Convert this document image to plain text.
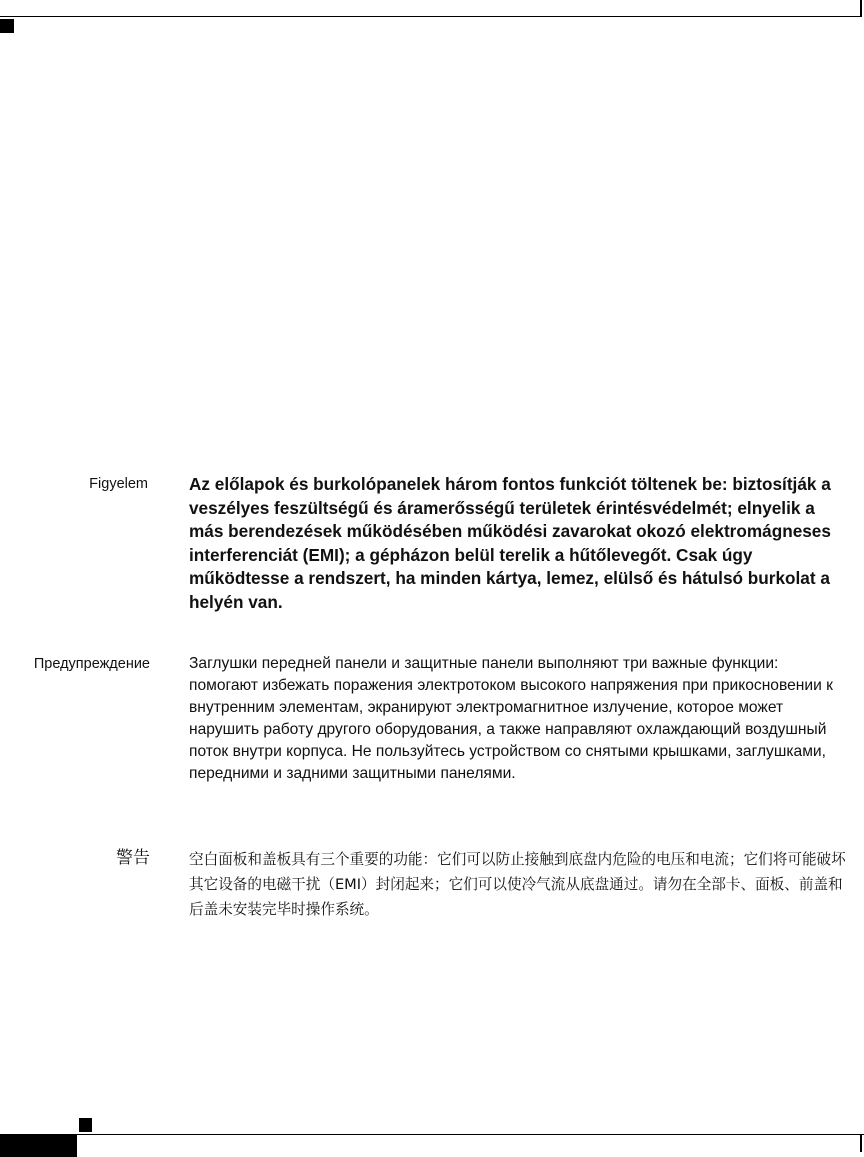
Figyelem Az előlapok és burkolópanelek három fontos funkciót töltenek be: biztosítják a veszélyes feszültségű és áramerősségű területek érintésvédelmét; elnyelik a más berendezések működésében működési zavarokat okozó elektromágneses interferenciát (EMI); a gépházon belül terelik a hűtőlevegőt. Csak úgy működtesse a rendszert, ha minden kártya, lemez, elülső és hátulsó burkolat a helyén van.
Предупреждение	Заглушки передней панели и защитные панели выполняют три важные функции: помогают избежать поражения электротоком высокого напряжения при прикосновении к внутренним элементам, экранируют электромагнитное излучение, которое может нарушить работу другого оборудования, а также направляют охлаждающий воздушный поток внутри корпуса. Не пользуйтесь устройством со снятыми крышками, заглушками, передними и задними защитными панелями.
警告	空白面板和盖板具有三个重要的功能：它们可以防止接触到底盘内危险的电压和电流；它们将可能破坏其它设备的电磁干扰（EMI）封闭起来；它们可以使冷气流从底盘通过。请勿在全部卡、面板、前盖和后盖未安装完毕时操作系统。
